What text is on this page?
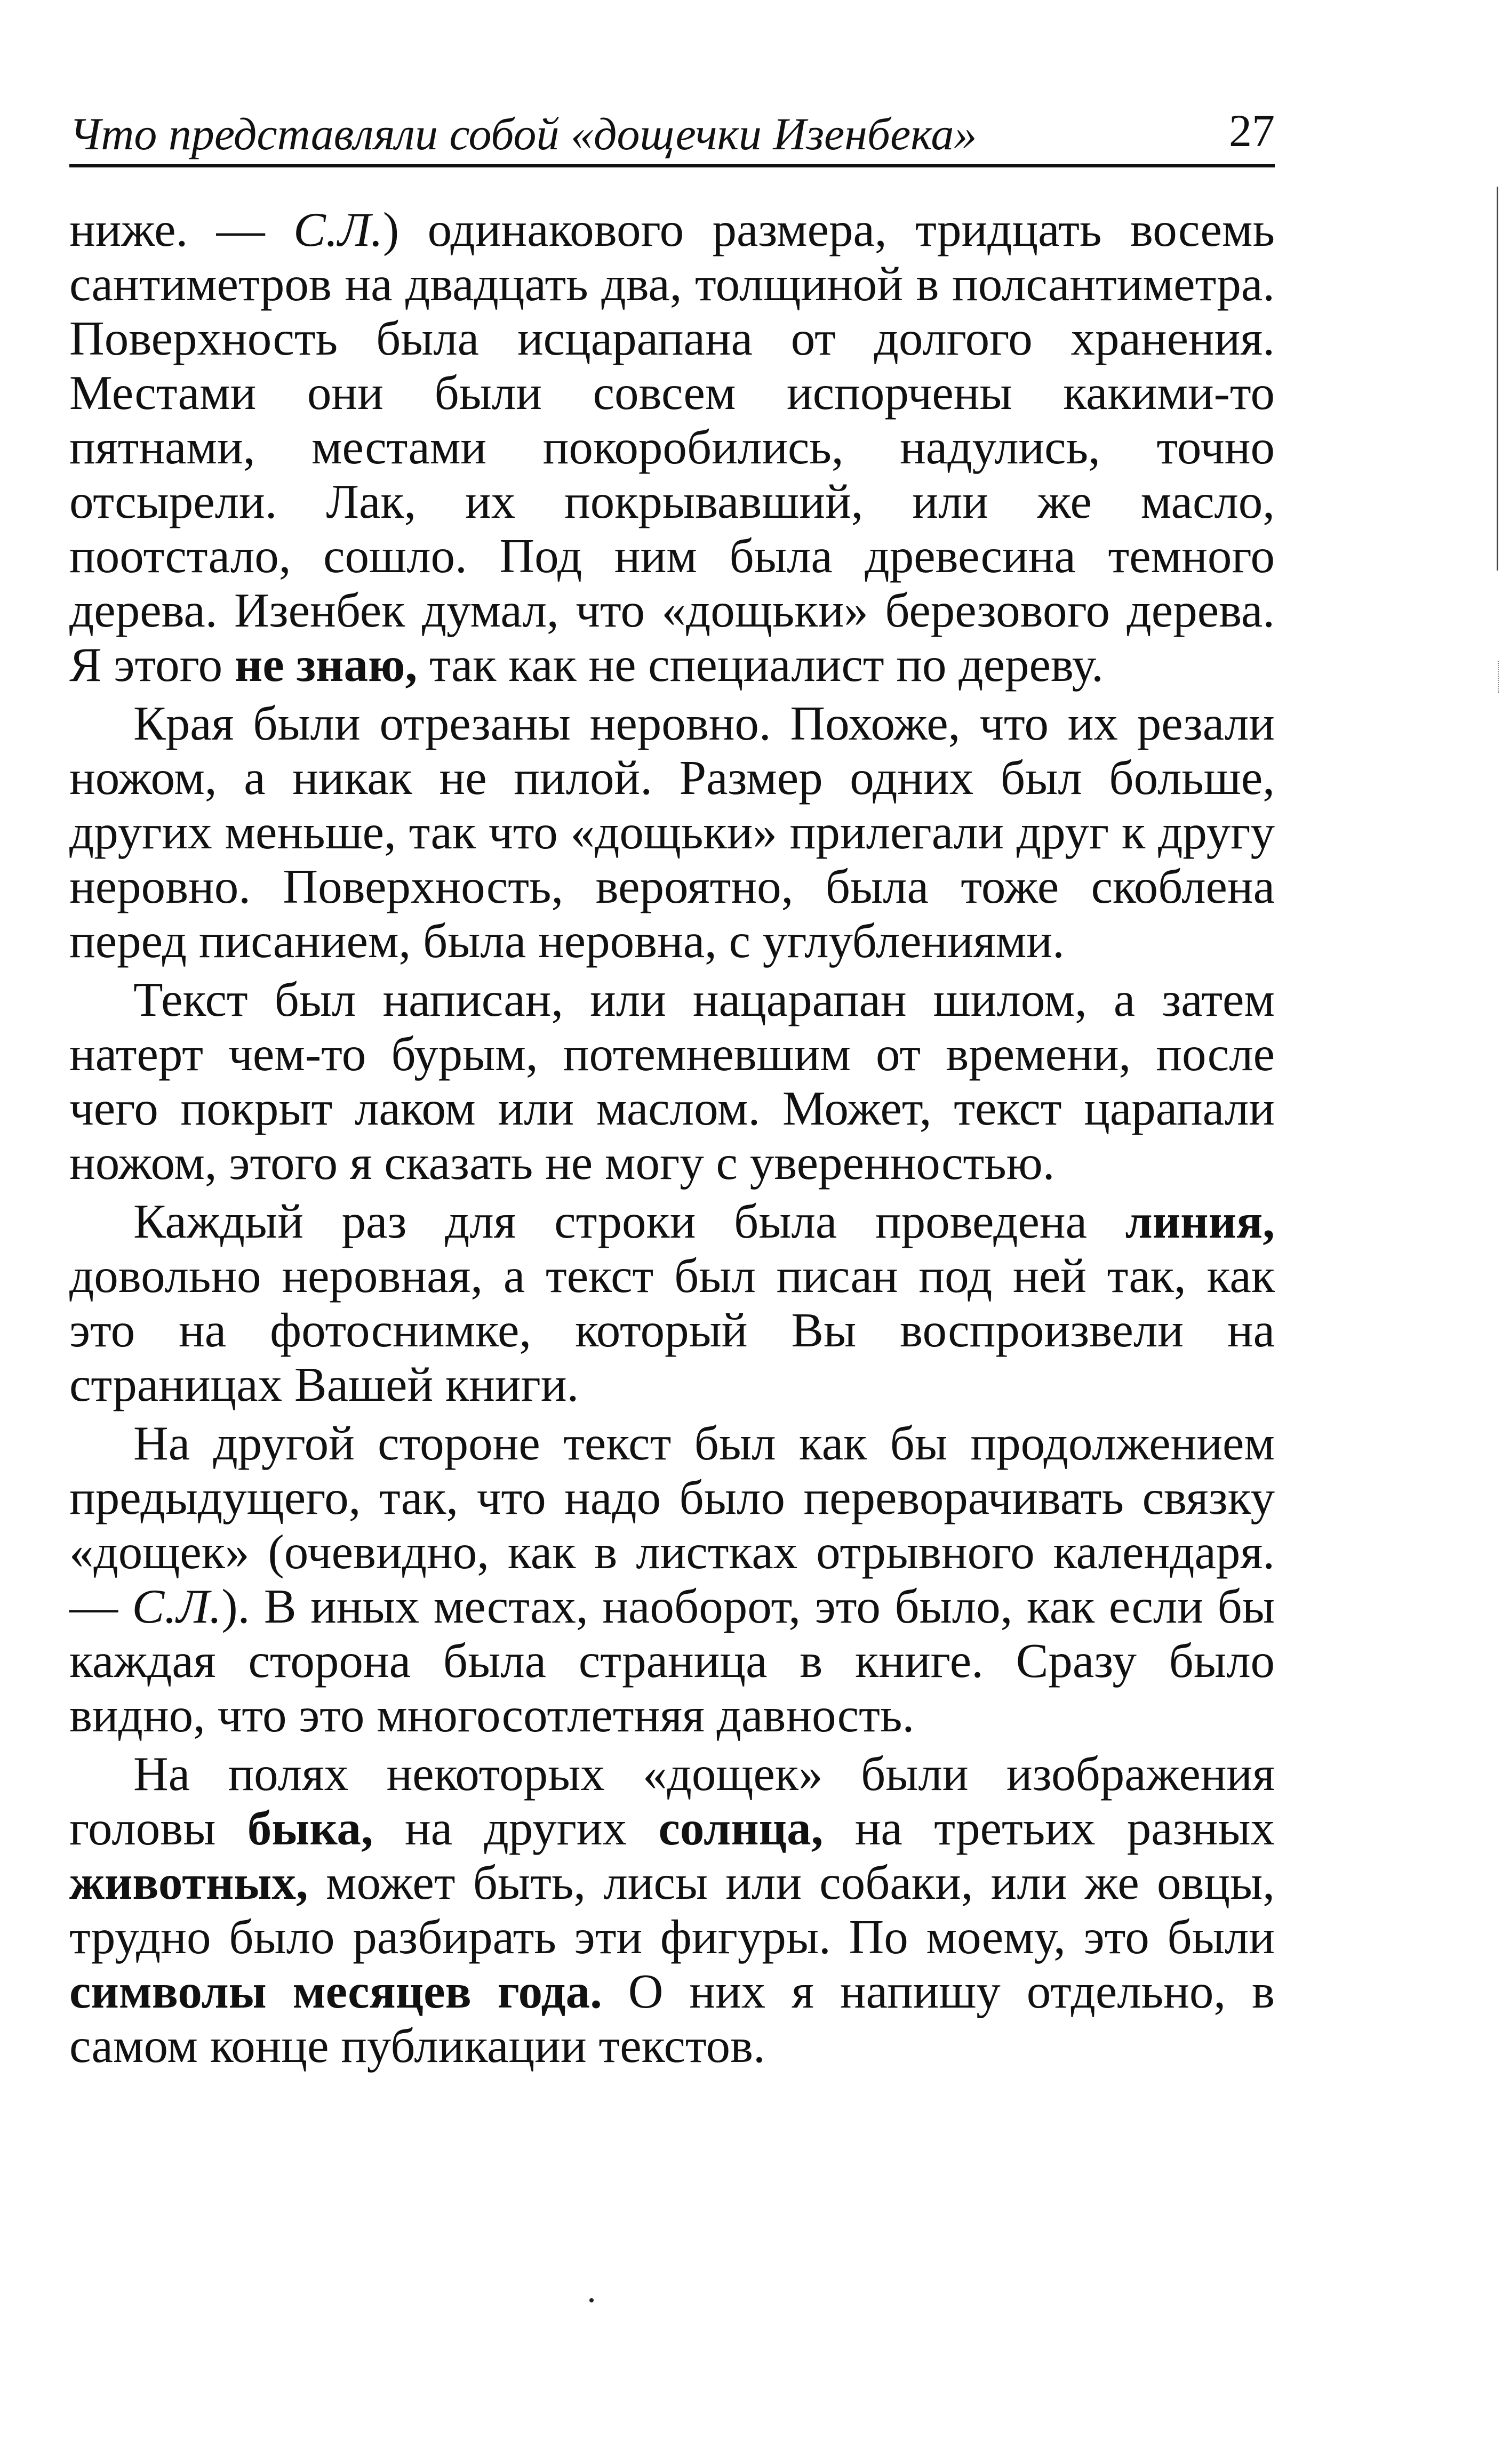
Что представляли собой «дощечки Изенбека»	27

ниже. — С.Л.) одинакового размера, тридцать восемь сантиметров на двадцать два, толщиной в полсантиметра. Поверхность была исцарапана от долгого хранения. Местами они были совсем испорчены какими-то пятнами, местами покоробились, надулись, точно отсырели. Лак, их покрывавший, или же масло, поотстало, сошло. Под ним была древесина темного дерева. Изенбек думал, что «дощьки» березового дерева. Я этого не знаю, так как не специалист по дереву.

Края были отрезаны неровно. Похоже, что их резали ножом, а никак не пилой. Размер одних был больше, других меньше, так что «дощьки» прилегали друг к другу неровно. Поверхность, вероятно, была тоже скоблена перед писанием, была неровна, с углублениями.

Текст был написан, или нацарапан шилом, а затем натерт чем-то бурым, потемневшим от времени, после чего покрыт лаком или маслом. Может, текст царапали ножом, этого я сказать не могу с уверенностью.

Каждый раз для строки была проведена линия, довольно неровная, а текст был писан под ней так, как это на фотоснимке, который Вы воспроизвели на страницах Вашей книги.

На другой стороне текст был как бы продолжением предыдущего, так, что надо было переворачивать связку «дощек» (очевидно, как в листках отрывного календаря. — С.Л.). В иных местах, наоборот, это было, как если бы каждая сторона была страница в книге. Сразу было видно, что это многосотлетняя давность.

На полях некоторых «дощек» были изображения головы быка, на других солнца, на третьих разных животных, может быть, лисы или собаки, или же овцы, трудно было разбирать эти фигуры. По моему, это были символы месяцев года. О них я напишу отдельно, в самом конце публикации текстов.
